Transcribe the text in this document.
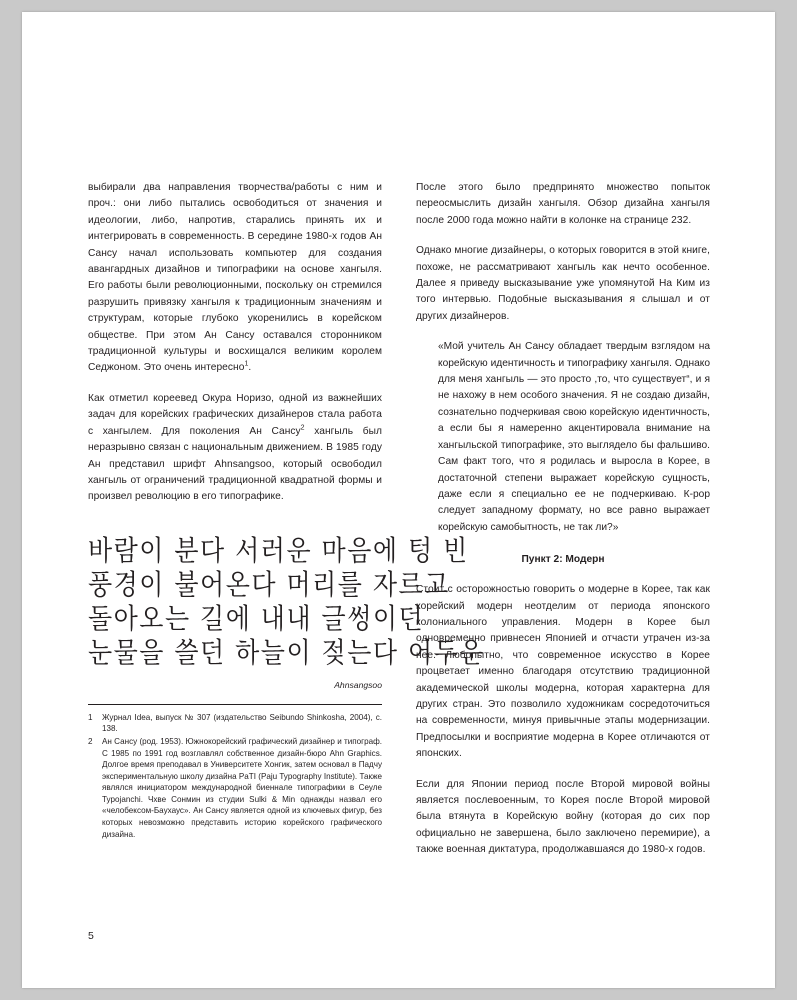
выбирали два направления творчества/работы с ним и проч.: они либо пытались освободиться от значения и идеологии, либо, напротив, старались принять их и интегрировать в современность. В середине 1980-х годов Ан Сансу начал использовать компьютер для создания авангардных дизайнов и типографики на основе хангыля. Его работы были революционными, поскольку он стремился разрушить привязку хангыля к традиционным значениям и структурам, которые глубоко укоренились в корейском обществе. При этом Ан Сансу оставался сторонником традиционной культуры и восхищался великим королем Седжоном. Это очень интересно$^1$.

Как отметил кореевед Окура Норизо, одной из важнейших задач для корейских графических дизайнеров стала работа с хангылем. Для поколения Ан Сансу$^2$ хангыль был неразрывно связан с национальным движением. В 1985 году Ан представил шрифт Ahnsangsoo, который освободил хангыль от ограничений традиционной квадратной формы и произвел революцию в его типографике.

바람이 분다 서러운 마음에 텅 빈
풍경이 불어온다 머리를 자르고
돌아오는 길에 내내 글썽이던
눈물을 쓸던 하늘이 젖는다 어두운
Ahnsangsoo
1	Журнал Idea, выпуск № 307 (издательство Seibundo Shinkosha, 2004), с. 138.
2	Ан Сансу (род. 1953). Южнокорейский графический дизайнер и типограф. С 1985 по 1991 год возглавлял собственное дизайн-бюро Ahn Graphics. Долгое время преподавал в Университете Хонгик, затем основал в Падчу экспериментальную школу дизайна PaTI (Paju Typography Institute). Также являлся инициатором международной биеннале типографики в Сеуле Typojanchi. Чхве Сонмин из студии Sulki & Min однажды назвал его «челобексом-Баухаус». Ан Сансу является одной из ключевых фигур, без которых невозможно представить историю корейского графического дизайна.

После этого было предпринято множество попыток переосмыслить дизайн хангыля. Обзор дизайна хангыля после 2000 года можно найти в колонке на странице 232.

Однако многие дизайнеры, о которых говорится в этой книге, похоже, не рассматривают хангыль как нечто особенное. Далее я приведу высказывание уже упомянутой На Ким из того интервью. Подобные высказывания я слышал и от других дизайнеров.

«Мой учитель Ан Сансу обладает твердым взглядом на корейскую идентичность и типографику хангыля. Однако для меня хангыль — это просто ,то, что существует“, и я не нахожу в нем особого значения. Я не создаю дизайн, сознательно подчеркивая свою корейскую идентичность, а если бы я намеренно акцентировала внимание на хангыльской типографике, это выглядело бы фальшиво. Сам факт того, что я родилась и выросла в Корее, в достаточной степени выражает корейскую сущность, даже если я специально ее не подчеркиваю. К-рор следует западному формату, но все равно выражает корейскую самобытность, не так ли?»
Пункт 2: Модерн

Стоит с осторожностью говорить о модерне в Корее, так как корейский модерн неотделим от периода японского колониального управления. Модерн в Корее был одновременно привнесен Японией и отчасти утрачен из-за нее. Любопытно, что современное искусство в Корее процветает именно благодаря отсутствию традиционной академической школы модерна, которая характерна для других стран. Это позволило художникам сосредоточиться на современности, минуя привычные этапы модернизации. Предпосылки и восприятие модерна в Корее отличаются от японских.

Если для Японии период после Второй мировой войны является послевоенным, то Корея после Второй мировой была втянута в Корейскую войну (которая до сих пор официально не завершена, было заключено перемирие), а также военная диктатура, продолжавшаяся до 1980-х годов.

5
